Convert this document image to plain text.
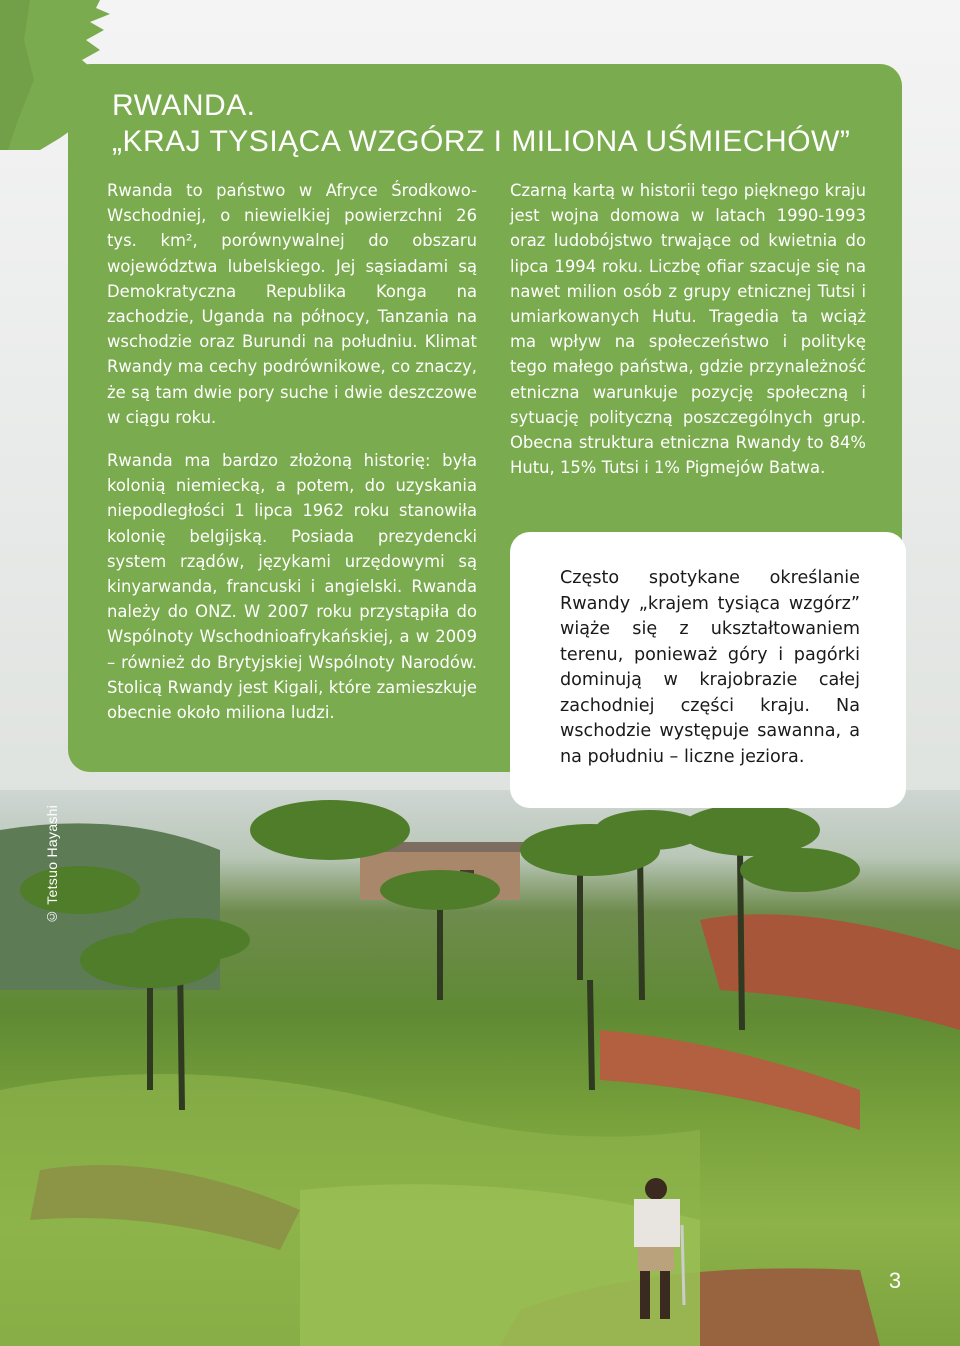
© Tetsuo Hayashi
RWANDA.
„KRAJ TYSIĄCA WZGÓRZ I MILIONA UŚMIECHÓW”

Rwanda to państwo w Afryce Środkowo-Wschodniej, o niewielkiej powierzchni 26 tys. km², porównywalnej do obszaru województwa lubelskiego. Jej sąsiadami są Demokratyczna Republika Konga na zachodzie, Uganda na północy, Tanzania na wschodzie oraz Burundi na południu. Klimat Rwandy ma cechy podrównikowe, co znaczy, że są tam dwie pory suche i dwie deszczowe w ciągu roku.

Rwanda ma bardzo złożoną historię: była kolonią niemiecką, a potem, do uzyskania niepodległości 1 lipca 1962 roku stanowiła kolonię belgijską. Posiada prezydencki system rządów, językami urzędowymi są kinyarwanda, francuski i angielski. Rwanda należy do ONZ. W 2007 roku przystąpiła do Wspólnoty Wschodnioafrykańskiej, a w 2009 – również do Brytyjskiej Wspólnoty Narodów. Stolicą Rwandy jest Kigali, które zamieszkuje obecnie około miliona ludzi.

Czarną kartą w historii tego pięknego kraju jest wojna domowa w latach 1990-1993 oraz ludobójstwo trwające od kwietnia do lipca 1994 roku. Liczbę ofiar szacuje się na nawet milion osób z grupy etnicznej Tutsi i umiarkowanych Hutu. Tragedia ta wciąż ma wpływ na społeczeństwo i politykę tego małego państwa, gdzie przynależność etniczna warunkuje pozycję społeczną i sytuację polityczną poszczególnych grup. Obecna struktura etniczna Rwandy to 84% Hutu, 15% Tutsi i 1% Pigmejów Batwa.

Często spotykane określanie Rwandy „krajem tysiąca wzgórz” wiąże się z ukształtowaniem terenu, ponieważ góry i pagórki dominują w krajobrazie całej zachodniej części kraju. Na wschodzie występuje sawanna, a na południu – liczne jeziora.
3
